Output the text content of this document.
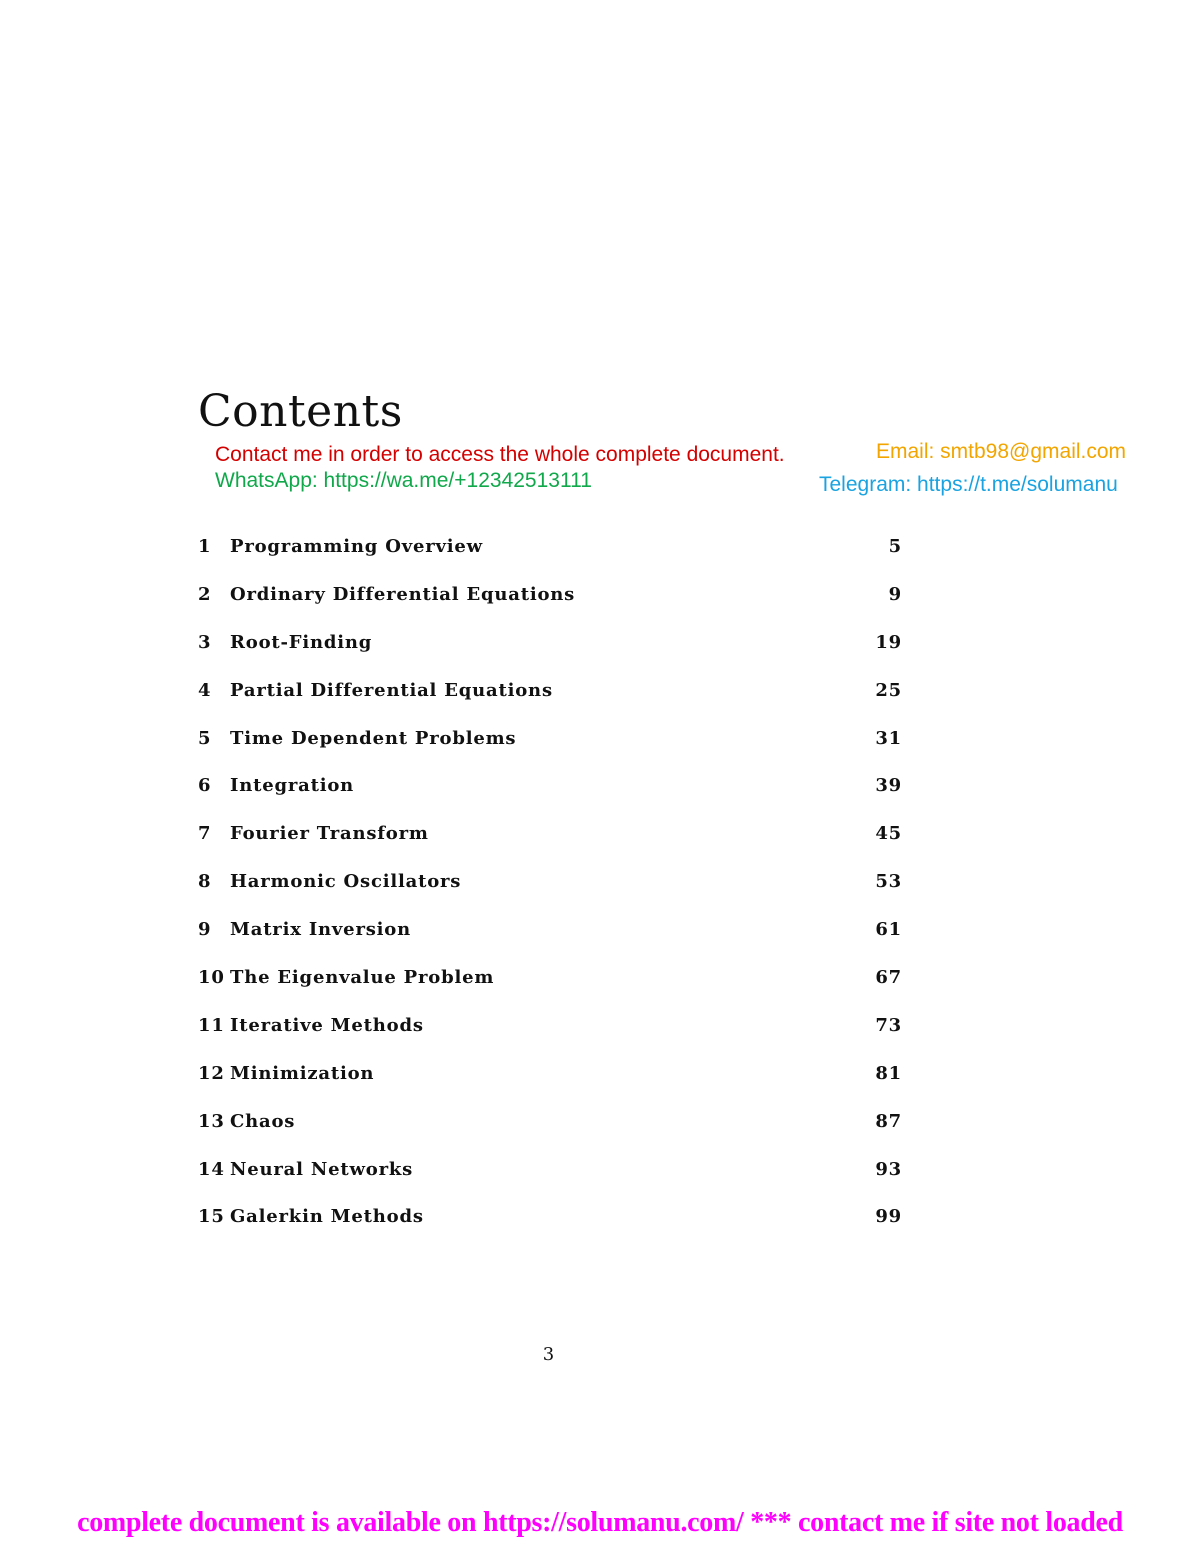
Contents
Contact me in order to access the whole complete document.	Email: smtb98@gmail.com
WhatsApp: https://wa.me/+12342513111	Telegram: https://t.me/solumanu
1 Programming Overview	5
2 Ordinary Differential Equations	9
3 Root-Finding	19
4 Partial Differential Equations	25
5 Time Dependent Problems	31
6 Integration	39
7 Fourier Transform	45
8 Harmonic Oscillators	53
9 Matrix Inversion	61
10 The Eigenvalue Problem	67
11 Iterative Methods	73
12 Minimization	81
13 Chaos	87
14 Neural Networks	93
15 Galerkin Methods	99
3
complete document is available on https://solumanu.com/ *** contact me if site not loaded
